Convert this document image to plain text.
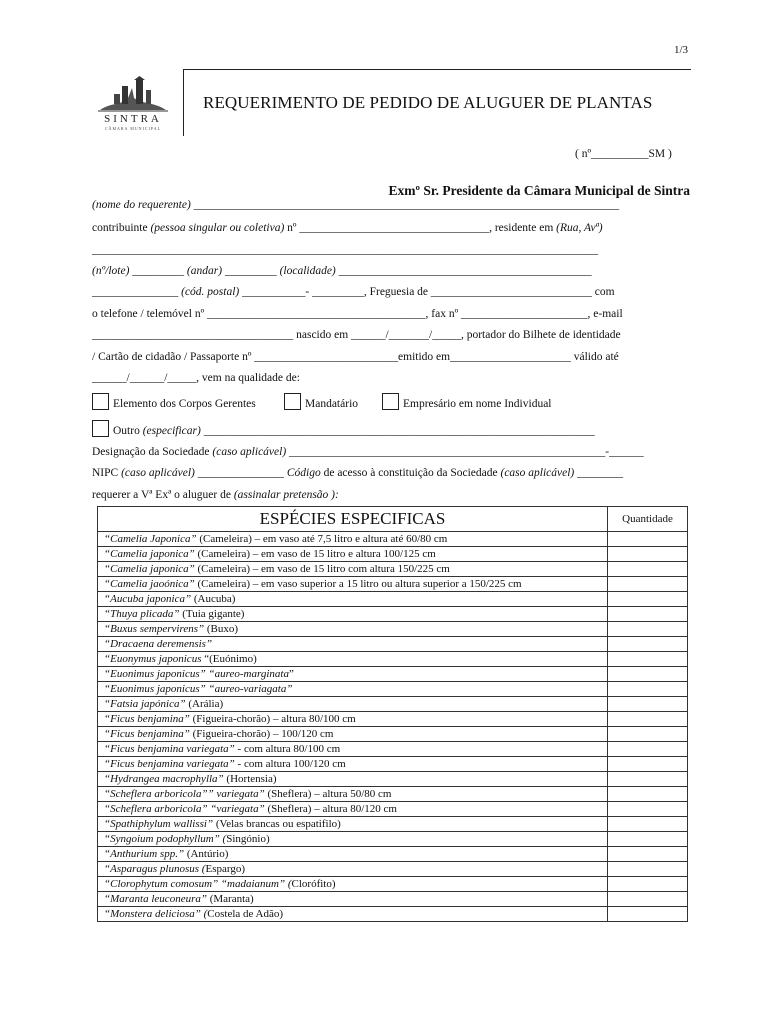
1/3
SINTRA
CÂMARA MUNICIPAL
REQUERIMENTO DE PEDIDO DE ALUGUER DE PLANTAS
( nº__________SM )
Exmº Sr. Presidente da Câmara Municipal de Sintra
(nome do requerente) __________________________________________________________________________
contribuinte (pessoa singular ou coletiva) nº _________________________________, residente em (Rua, Avª)
________________________________________________________________________________________
(nº/lote) _________ (andar) _________ (localidade) ____________________________________________
_______________ (cód. postal) ___________- _________, Freguesia de ____________________________ com
o telefone / telemóvel nº ______________________________________, fax nº ______________________, e-mail
___________________________________ nascido em ______/_______/_____, portador do Bilhete de identidade
/ Cartão de cidadão / Passaporte nº _________________________emitido em_____________________ válido até
______/______/_____, vem na qualidade de:
Elemento dos Corpos Gerentes	Mandatário	Empresário em nome Individual
Outro (especificar) ____________________________________________________________________
Designação da Sociedade (caso aplicável) _______________________________________________________-______
NIPC (caso aplicável) _______________ Código de acesso à constituição da Sociedade (caso aplicável) ________
requerer a Vª Exª o aluguer de (assinalar pretensão ):
ESPÉCIES ESPECIFICAS	Quantidade
“Camelia Japonica” (Cameleira) – em vaso até 7,5 litro e altura até 60/80 cm	
“Camelia japonica” (Cameleira) – em vaso de 15 litro e altura 100/125 cm	
“Camelia japonica” (Cameleira) – em vaso de 15 litro com altura 150/225 cm	
“Camelia jaoónica” (Cameleira) – em vaso superior a 15 litro ou altura superior a 150/225 cm	
“Aucuba japonica” (Aucuba)	
“Thuya plicada” (Tuia gigante)	
“Buxus sempervirens” (Buxo)	
“Dracaena deremensis”	
“Euonymus japonicus “(Euónimo)	
“Euonimus japonicus” “aureo-marginata”	
“Euonimus japonicus” “aureo-variagata”	
“Fatsia japónica” (Arália)	
“Ficus benjamina” (Figueira-chorão) – altura 80/100 cm	
“Ficus benjamina” (Figueira-chorão) – 100/120 cm	
“Ficus benjamina variegata” - com altura 80/100 cm	
“Ficus benjamina variegata” - com altura 100/120 cm	
“Hydrangea macrophylla” (Hortensia)	
“Scheflera arboricola”” variegata” (Sheflera) – altura 50/80 cm	
“Scheflera arboricola” “variegata” (Sheflera) – altura 80/120 cm	
“Spathiphylum wallissi” (Velas brancas ou espatifilo)	
“Syngoium podophyllum” (Singónio)	
“Anthurium spp.” (Antúrio)	
“Asparagus plunosus (Espargo)	
“Clorophytum comosum” “madaianum” (Clorófito)	
“Maranta leuconeura” (Maranta)	
“Monstera deliciosa” (Costela de Adão)	
